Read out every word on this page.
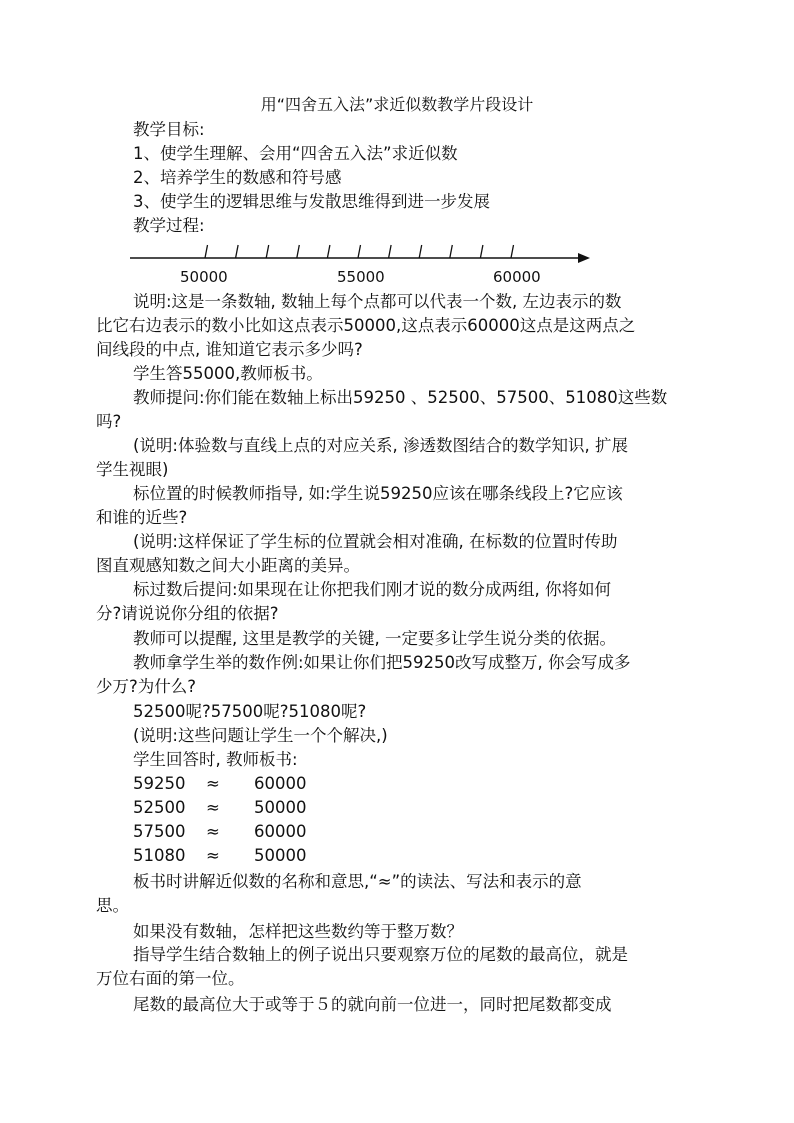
用“四舍五入法”求近似数教学片段设计
教学目标:
1、使学生理解、会用“四舍五入法”求近似数
2、培养学生的数感和符号感
3、使学生的逻辑思维与发散思维得到进一步发展
教学过程:
50000	55000	60000
说明:这是一条数轴, 数轴上每个点都可以代表一个数, 左边表示的数
比它右边表示的数小比如这点表示50000,这点表示60000这点是这两点之
间线段的中点, 谁知道它表示多少吗?
学生答55000,教师板书。
教师提问:你们能在数轴上标出59250 、52500、57500、51080这些数
吗?
(说明:体验数与直线上点的对应关系, 渗透数图结合的数学知识, 扩展
学生视眼)
标位置的时候教师指导, 如:学生说59250应该在哪条线段上?它应该
和谁的近些?
(说明:这样保证了学生标的位置就会相对准确, 在标数的位置时传助
图直观感知数之间大小距离的美异。
标过数后提问:如果现在让你把我们刚才说的数分成两组, 你将如何
分?请说说你分组的依据?
教师可以提醒, 这里是教学的关键, 一定要多让学生说分类的依据。
教师拿学生举的数作例:如果让你们把59250改写成整万, 你会写成多
少万?为什么?
52500呢?57500呢?51080呢?
(说明:这些问题让学生一个个解决,)
学生回答时, 教师板书:
59250 ≈ 60000
52500 ≈ 50000
57500 ≈ 60000
51080 ≈ 50000
板书时讲解近似数的名称和意思,“≈”的读法、写法和表示的意
思。
如果没有数轴，怎样把这些数约等于整万数？
指导学生结合数轴上的例子说出只要观察万位的尾数的最高位，就是
万位右面的第一位。
尾数的最高位大于或等于５的就向前一位进一，同时把尾数都变成
